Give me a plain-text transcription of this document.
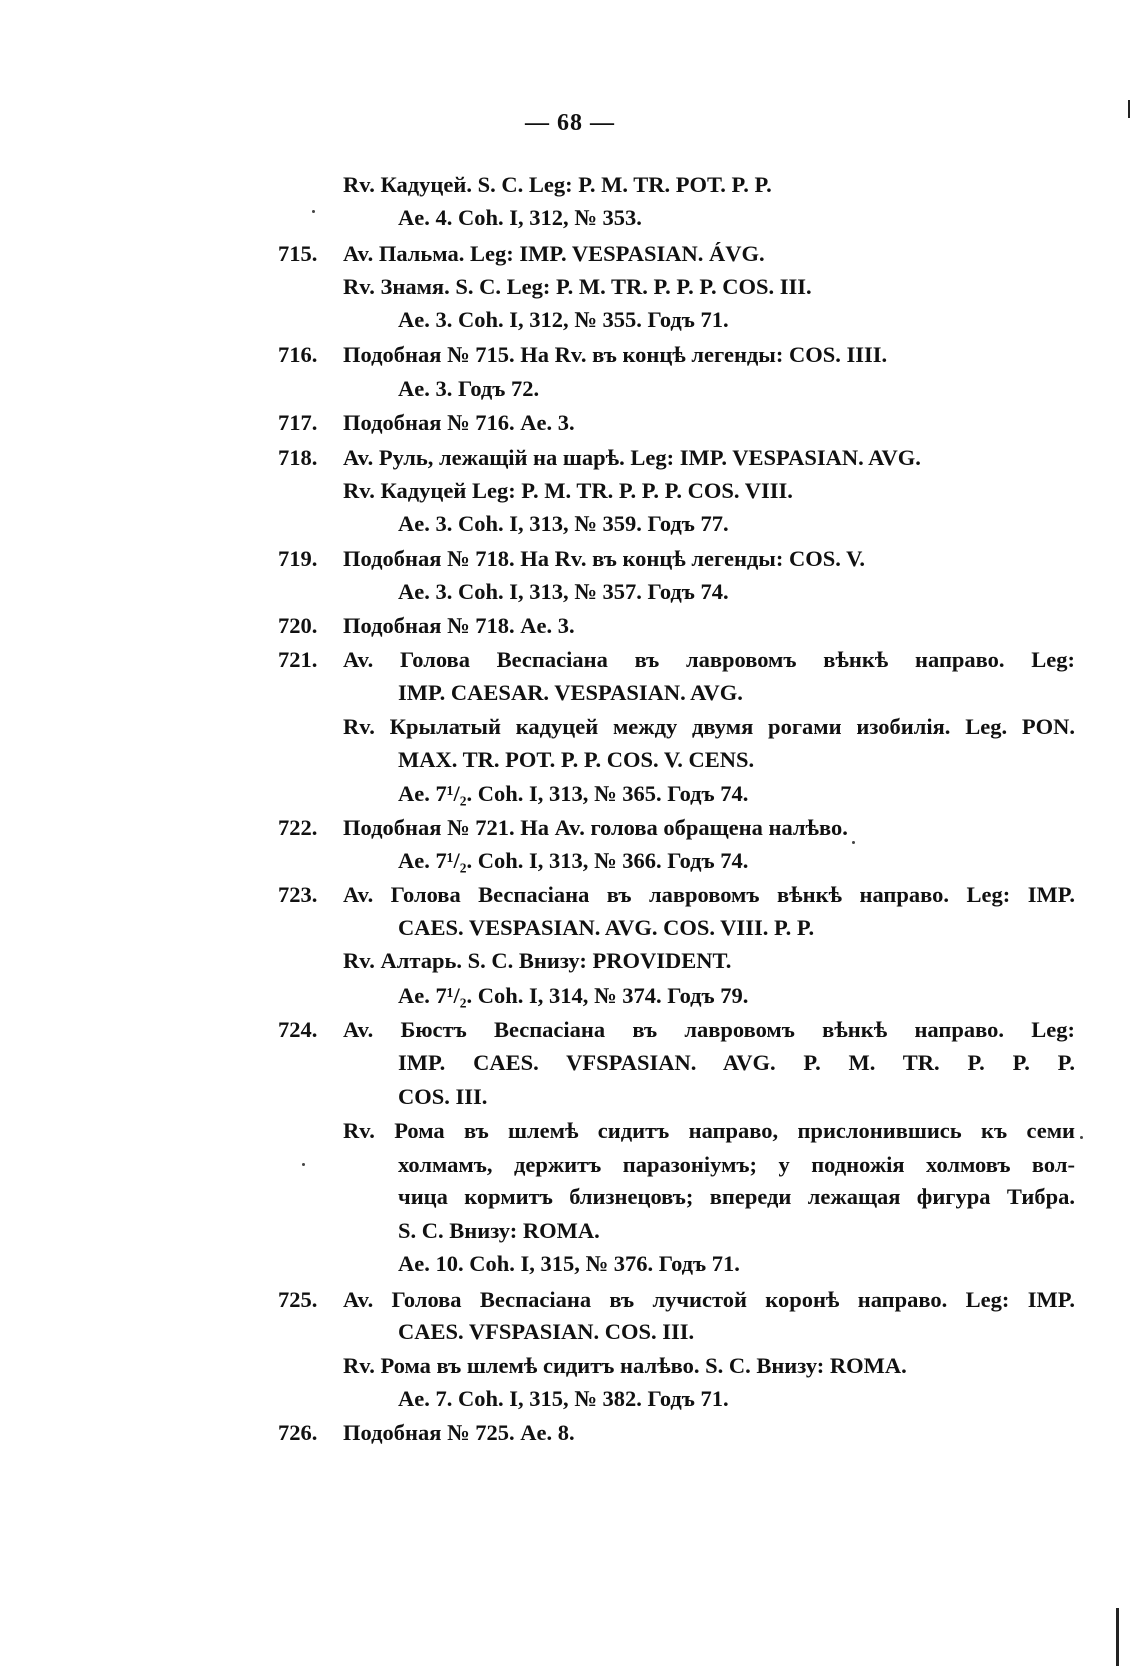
— 68 —
Rv. Кадуцей. S. C. Leg: P. M. TR. POT. P. P.
Ae. 4. Coh. I, 312, № 353.
715. Av. Пальма. Leg: IMP. VESPASIAN. ÁVG.
Rv. Знамя. S. C. Leg: P. M. TR. P. P. P. COS. III.
Ae. 3. Coh. I, 312, № 355. Годъ 71.
716. Подобная № 715. На Rv. въ концѣ легенды: COS. IIII.
Ae. 3. Годъ 72.
717. Подобная № 716. Ae. 3.
718. Av. Руль, лежащій на шарѣ. Leg: IMP. VESPASIAN. AVG.
Rv. Кадуцей Leg: P. M. TR. P. P. P. COS. VIII.
Ae. 3. Coh. I, 313, № 359. Годъ 77.
719. Подобная № 718. На Rv. въ концѣ легенды: COS. V.
Ae. 3. Coh. I, 313, № 357. Годъ 74.
720. Подобная № 718. Ae. 3.
721. Av. Голова Веспасіана въ лавровомъ вѣнкѣ направо. Leg:
IMP. CAESAR. VESPASIAN. AVG.
Rv. Крылатый кадуцей между двумя рогами изобилія. Leg. PON.
MAX. TR. POT. P. P. COS. V. CENS.
Ae. 7¹/₂. Coh. I, 313, № 365. Годъ 74.
722. Подобная № 721. На Av. голова обращена налѣво.
Ae. 7¹/₂. Coh. I, 313, № 366. Годъ 74.
723. Av. Голова Веспасіана въ лавровомъ вѣнкѣ направо. Leg: IMP.
CAES. VESPASIAN. AVG. COS. VIII. P. P.
Rv. Алтарь. S. C. Внизу: PROVIDENT.
Ae. 7¹/₂. Coh. I, 314, № 374. Годъ 79.
724. Av. Бюстъ Веспасіана въ лавровомъ вѣнкѣ направо. Leg:
IMP. CAES. VFSPASIAN. AVG. P. M. TR. P. P. P.
COS. III.
Rv. Рома въ шлемѣ сидитъ направо, прислонившись къ семи
холмамъ, держитъ паразоніумъ; у подножія холмовъ вол-
чица кормитъ близнецовъ; впереди лежащая фигура Тибра.
S. C. Внизу: ROMA.
Ae. 10. Coh. I, 315, № 376. Годъ 71.
725. Av. Голова Веспасіана въ лучистой коронѣ направо. Leg: IMP.
CAES. VFSPASIAN. COS. III.
Rv. Рома въ шлемѣ сидитъ налѣво. S. C. Внизу: ROMA.
Ae. 7. Coh. I, 315, № 382. Годъ 71.
726. Подобная № 725. Ae. 8.
